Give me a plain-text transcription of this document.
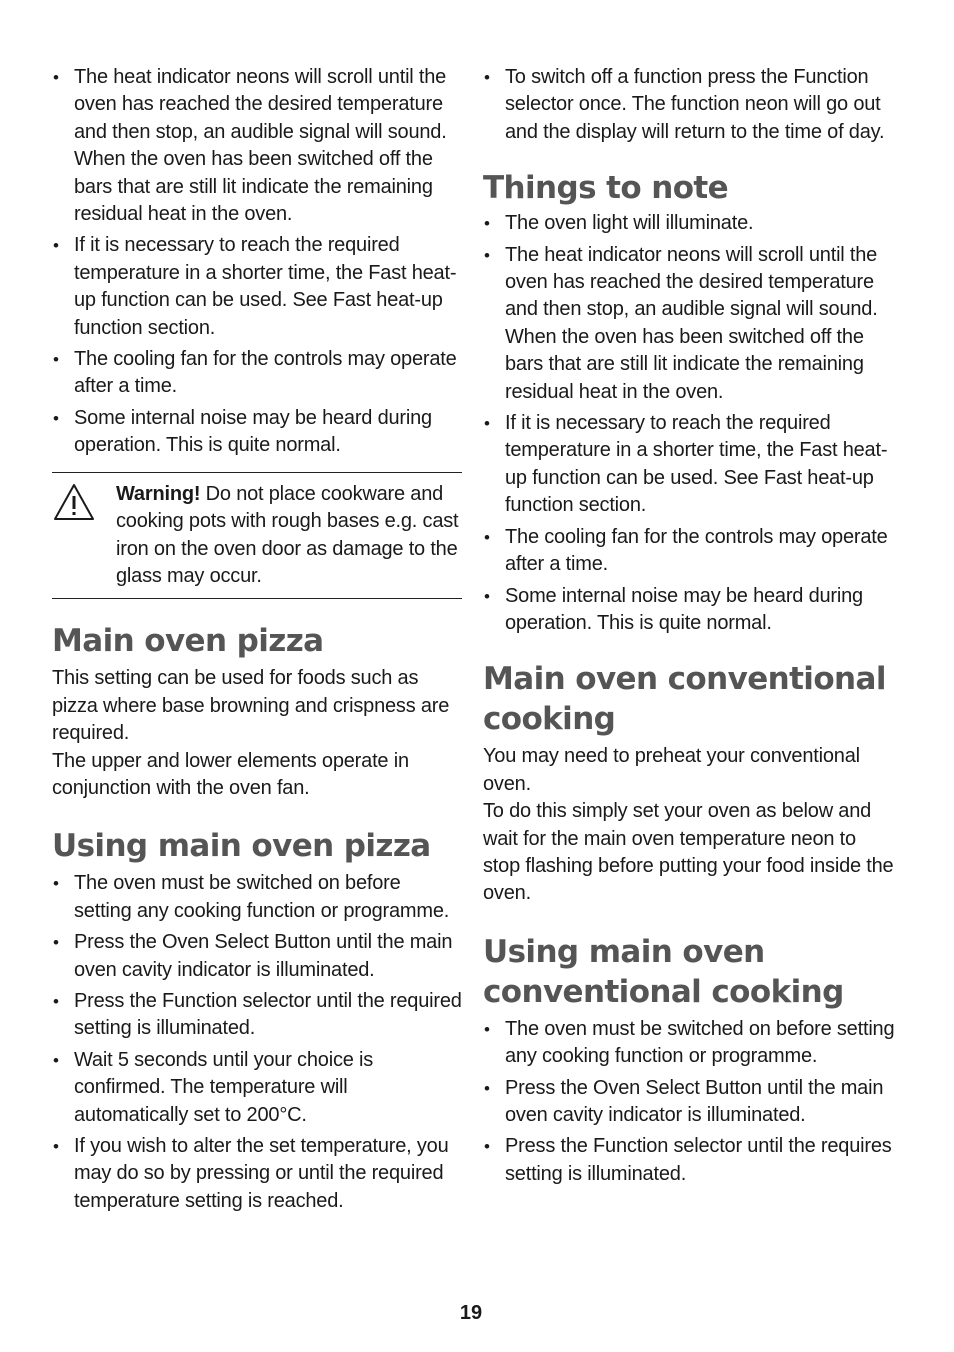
• The heat indicator neons will scroll until the oven has reached the desired temperature and then stop, an audible signal will sound. When the oven has been switched off the bars that are still lit indicate the remaining residual heat in the oven.
• If it is necessary to reach the required temperature in a shorter time, the Fast heat-up function can be used. See Fast heat-up function section.
• The cooling fan for the controls may operate after a time.
• Some internal noise may be heard during operation. This is quite normal.
Warning! Do not place cookware and cooking pots with rough bases e.g. cast iron on the oven door as damage to the glass may occur.
Main oven pizza

This setting can be used for foods such as pizza where base browning and crispness are required.

The upper and lower elements operate in conjunction with the oven fan.

Using main oven pizza
• The oven must be switched on before setting any cooking function or programme.
• Press the Oven Select Button until the main oven cavity indicator is illuminated.
• Press the Function selector until the required setting is illuminated.
• Wait 5 seconds until your choice is confirmed. The temperature will automatically set to 200°C.
• If you wish to alter the set temperature, you may do so by pressing or until the required temperature setting is reached.
• To switch off a function press the Function selector once. The function neon will go out and the display will return to the time of day.
Things to note
• The oven light will illuminate.
• The heat indicator neons will scroll until the oven has reached the desired temperature and then stop, an audible signal will sound. When the oven has been switched off the bars that are still lit indicate the remaining residual heat in the oven.
• If it is necessary to reach the required temperature in a shorter time, the Fast heat-up function can be used. See Fast heat-up function section.
• The cooling fan for the controls may operate after a time.
• Some internal noise may be heard during operation. This is quite normal.
Main oven conventional cooking

You may need to preheat your conventional oven.

To do this simply set your oven as below and wait for the main oven temperature neon to stop flashing before putting your food inside the oven.

Using main oven conventional cooking
• The oven must be switched on before setting any cooking function or programme.
• Press the Oven Select Button until the main oven cavity indicator is illuminated.
• Press the Function selector until the requires setting is illuminated.
19
